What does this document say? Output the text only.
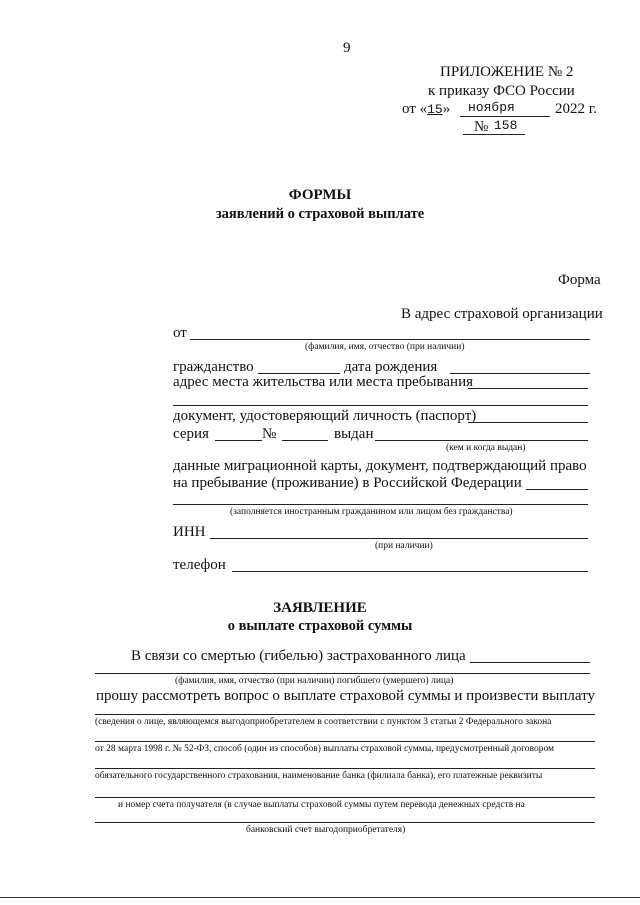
9
ПРИЛОЖЕНИЕ № 2
к приказу ФСО России
от «15» ноября	2022 г.
№ 158
ФОРМЫ
заявлений о страховой выплате
Форма
В адрес страховой организации
от
(фамилия, имя, отчество (при наличии)
гражданство	дата рождения
адрес места жительства или места пребывания
документ, удостоверяющий личность (паспорт)
серия	№	выдан
(кем и когда выдан)
данные миграционной карты, документ, подтверждающий право
на пребывание (проживание) в Российской Федерации
(заполняется иностранным гражданином или лицом без гражданства)
ИНН
(при наличии)
телефон
ЗАЯВЛЕНИЕ
о выплате страховой суммы
В связи со смертью (гибелью) застрахованного лица
(фамилия, имя, отчество (при наличии) погибшего (умершего) лица)
прошу рассмотреть вопрос о выплате страховой суммы и произвести выплату
(сведения о лице, являющемся выгодоприобретателем в соответствии с пунктом 3 статьи 2 Федерального закона
от 28 марта 1998 г. № 52-ФЗ, способ (один из способов) выплаты страховой суммы, предусмотренный договором
обязательного государственного страхования, наименование банка (филиала банка), его платежные реквизиты
и номер счета получателя (в случае выплаты страховой суммы путем перевода денежных средств на
банковский счет выгодоприобретателя)
